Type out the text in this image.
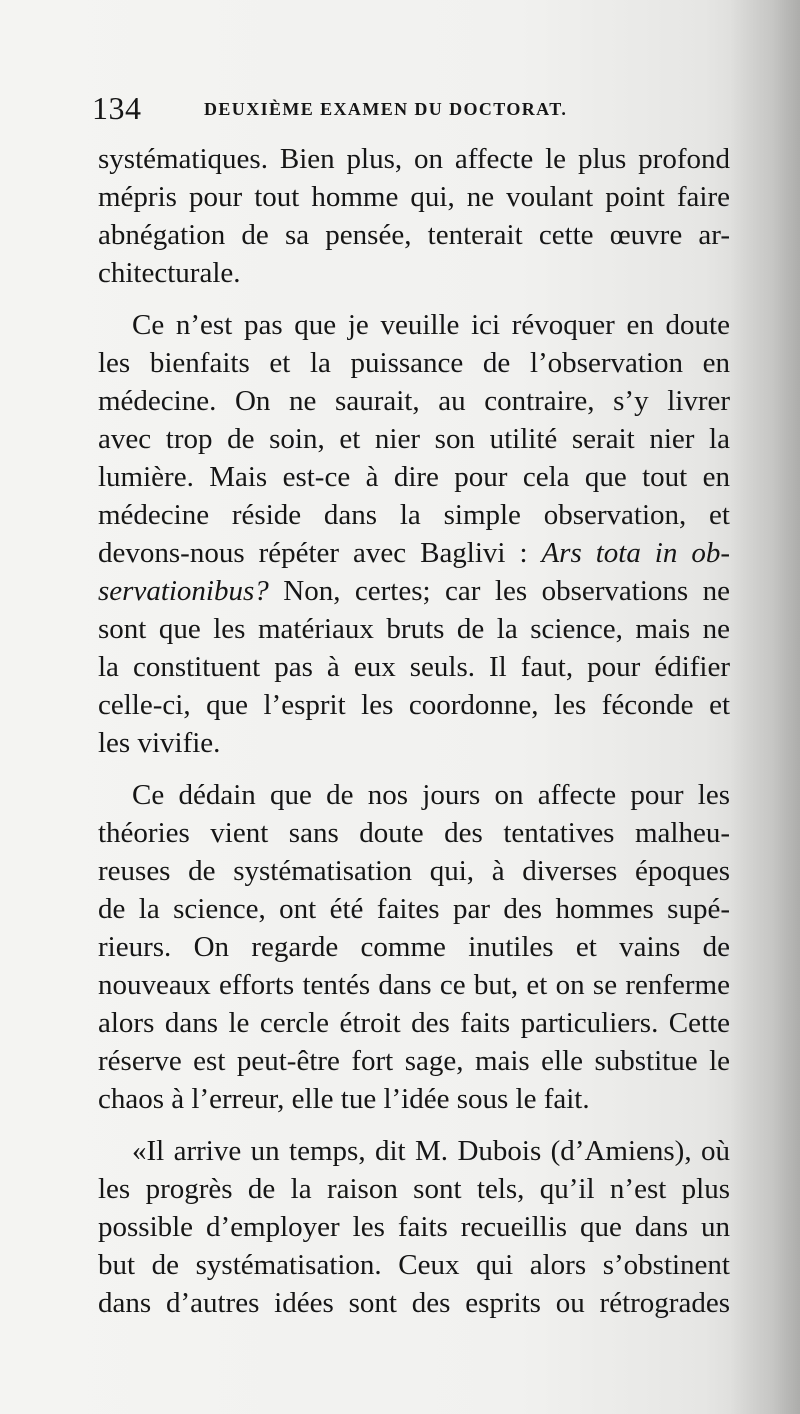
134	DEUXIÈME EXAMEN DU DOCTORAT.
systématiques. Bien plus, on affecte le plus profond
mépris pour tout homme qui, ne voulant point faire
abnégation de sa pensée, tenterait cette œuvre ar-
chitecturale.
Ce n’est pas que je veuille ici révoquer en doute
les bienfaits et la puissance de l’observation en
médecine. On ne saurait, au contraire, s’y livrer
avec trop de soin, et nier son utilité serait nier la
lumière. Mais est-ce à dire pour cela que tout en
médecine réside dans la simple observation, et
devons-nous répéter avec Baglivi : Ars tota in ob-
servationibus? Non, certes; car les observations ne
sont que les matériaux bruts de la science, mais ne
la constituent pas à eux seuls. Il faut, pour édifier
celle-ci, que l’esprit les coordonne, les féconde et
les vivifie.
Ce dédain que de nos jours on affecte pour les
théories vient sans doute des tentatives malheu-
reuses de systématisation qui, à diverses époques
de la science, ont été faites par des hommes supé-
rieurs. On regarde comme inutiles et vains de
nouveaux efforts tentés dans ce but, et on se renferme
alors dans le cercle étroit des faits particuliers. Cette
réserve est peut-être fort sage, mais elle substitue le
chaos à l’erreur, elle tue l’idée sous le fait.
«Il arrive un temps, dit M. Dubois (d’Amiens), où
les progrès de la raison sont tels, qu’il n’est plus
possible d’employer les faits recueillis que dans un
but de systématisation. Ceux qui alors s’obstinent
dans d’autres idées sont des esprits ou rétrogrades
